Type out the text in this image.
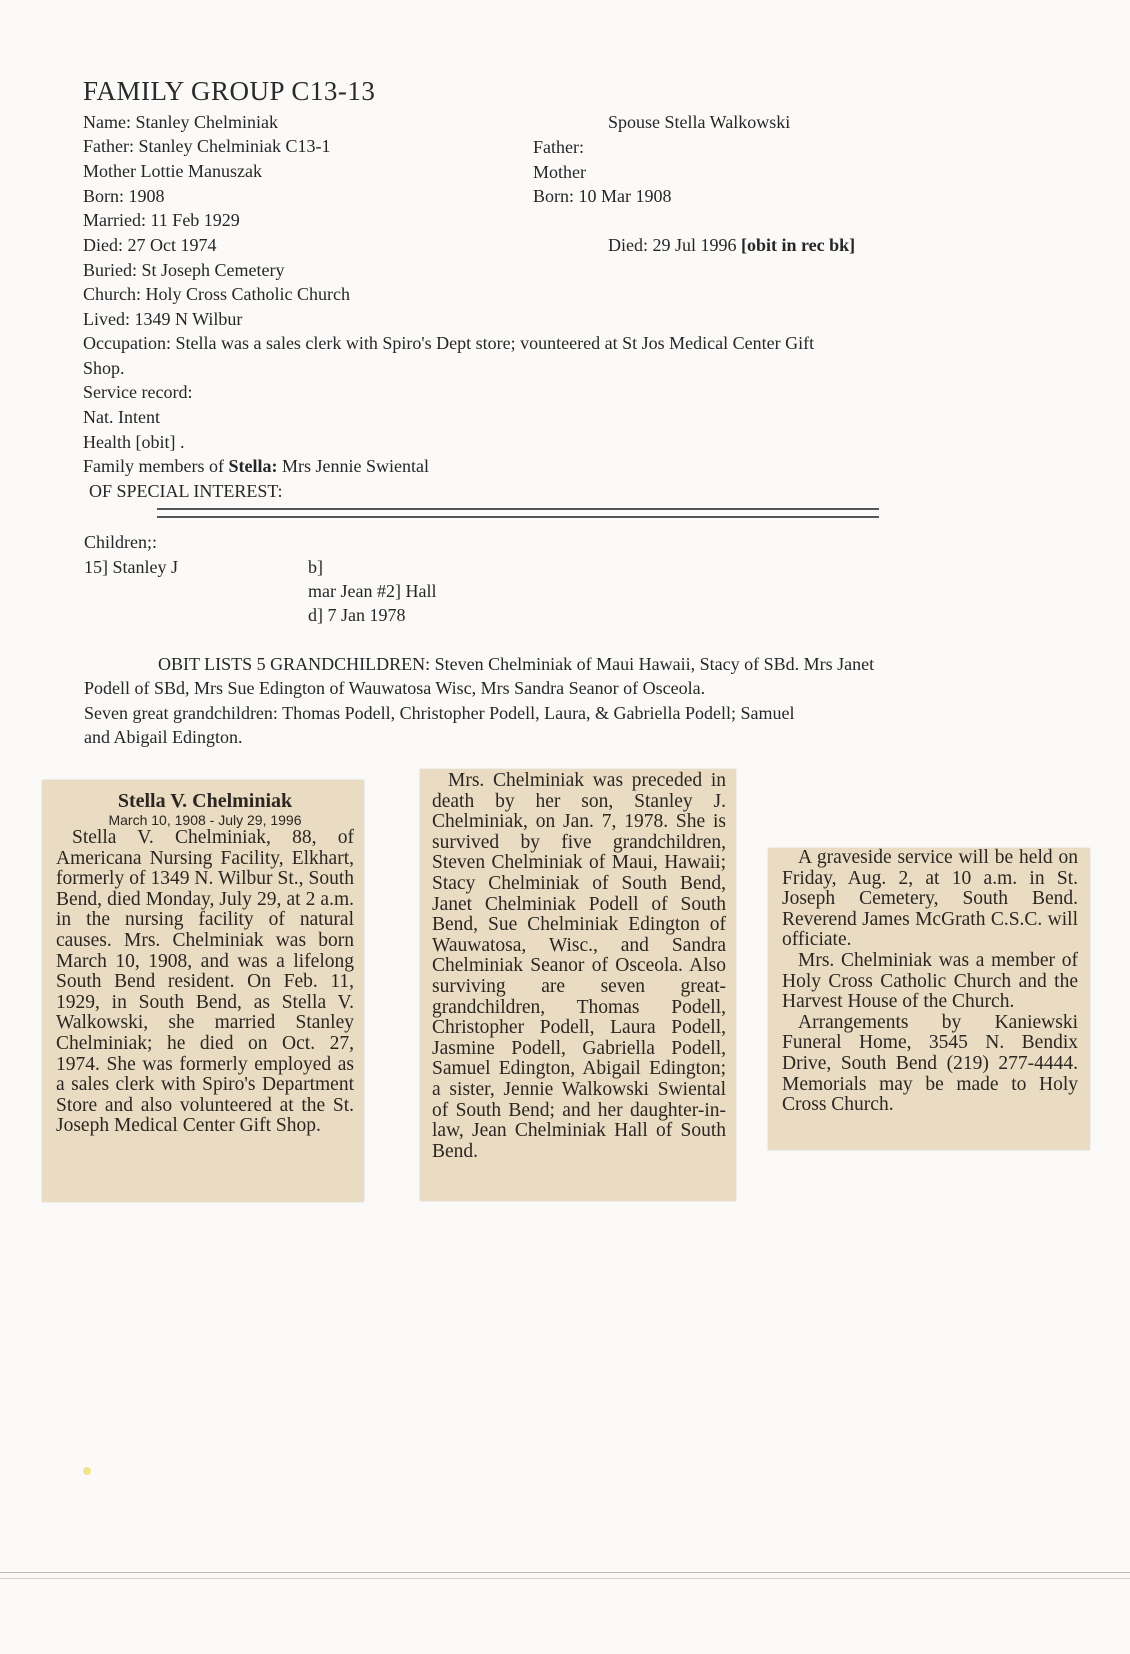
FAMILY GROUP C13-13
Name: Stanley Chelminiak
Father: Stanley Chelminiak C13-1
Mother Lottie Manuszak
Born: 1908
Married: 11 Feb 1929
Died: 27 Oct 1974
Buried: St Joseph Cemetery
Church: Holy Cross Catholic Church
Lived: 1349 N Wilbur
Occupation: Stella was a sales clerk with Spiro's Dept store; vounteered at St Jos Medical Center Gift
Shop.
Service record:
Nat. Intent
Health [obit] .
Family members of Stella: Mrs Jennie Swiental
OF SPECIAL INTEREST:
Spouse Stella Walkowski
Father:
Mother
Born: 10 Mar 1908
Died: 29 Jul 1996 [obit in rec bk]
Children;:
15] Stanley J	b]
mar Jean #2] Hall
d] 7 Jan 1978
OBIT LISTS 5 GRANDCHILDREN: Steven Chelminiak of Maui Hawaii, Stacy of SBd. Mrs Janet
Podell of SBd, Mrs Sue Edington of Wauwatosa Wisc, Mrs Sandra Seanor of Osceola.
Seven great grandchildren: Thomas Podell, Christopher Podell, Laura, & Gabriella Podell; Samuel
and Abigail Edington.
Stella V. Chelminiak
March 10, 1908 - July 29, 1996

Stella V. Chelminiak, 88, of Americana Nursing Facility, Elkhart, formerly of 1349 N. Wilbur St., South Bend, died Monday, July 29, at 2 a.m. in the nursing facility of natural causes. Mrs. Chelminiak was born March 10, 1908, and was a lifelong South Bend resident. On Feb. 11, 1929, in South Bend, as Stella V. Walkowski, she married Stanley Chelminiak; he died on Oct. 27, 1974. She was formerly employed as a sales clerk with Spiro's Department Store and also volunteered at the St. Joseph Medical Center Gift Shop.

Mrs. Chelminiak was preceded in death by her son, Stanley J. Chelminiak, on Jan. 7, 1978. She is survived by five grandchildren, Steven Chelminiak of Maui, Hawaii; Stacy Chelminiak of South Bend, Janet Chelminiak Podell of South Bend, Sue Chelminiak Edington of Wauwatosa, Wisc., and Sandra Chelminiak Seanor of Osceola. Also surviving are seven great-grandchildren, Thomas Podell, Christopher Podell, Laura Podell, Jasmine Podell, Gabriella Podell, Samuel Edington, Abigail Edington; a sister, Jennie Walkowski Swiental of South Bend; and her daughter-in-law, Jean Chelminiak Hall of South Bend.

A graveside service will be held on Friday, Aug. 2, at 10 a.m. in St. Joseph Cemetery, South Bend. Reverend James McGrath C.S.C. will officiate.

Mrs. Chelminiak was a member of Holy Cross Catholic Church and the Harvest House of the Church.

Arrangements by Kaniewski Funeral Home, 3545 N. Bendix Drive, South Bend (219) 277-4444. Memorials may be made to Holy Cross Church.
